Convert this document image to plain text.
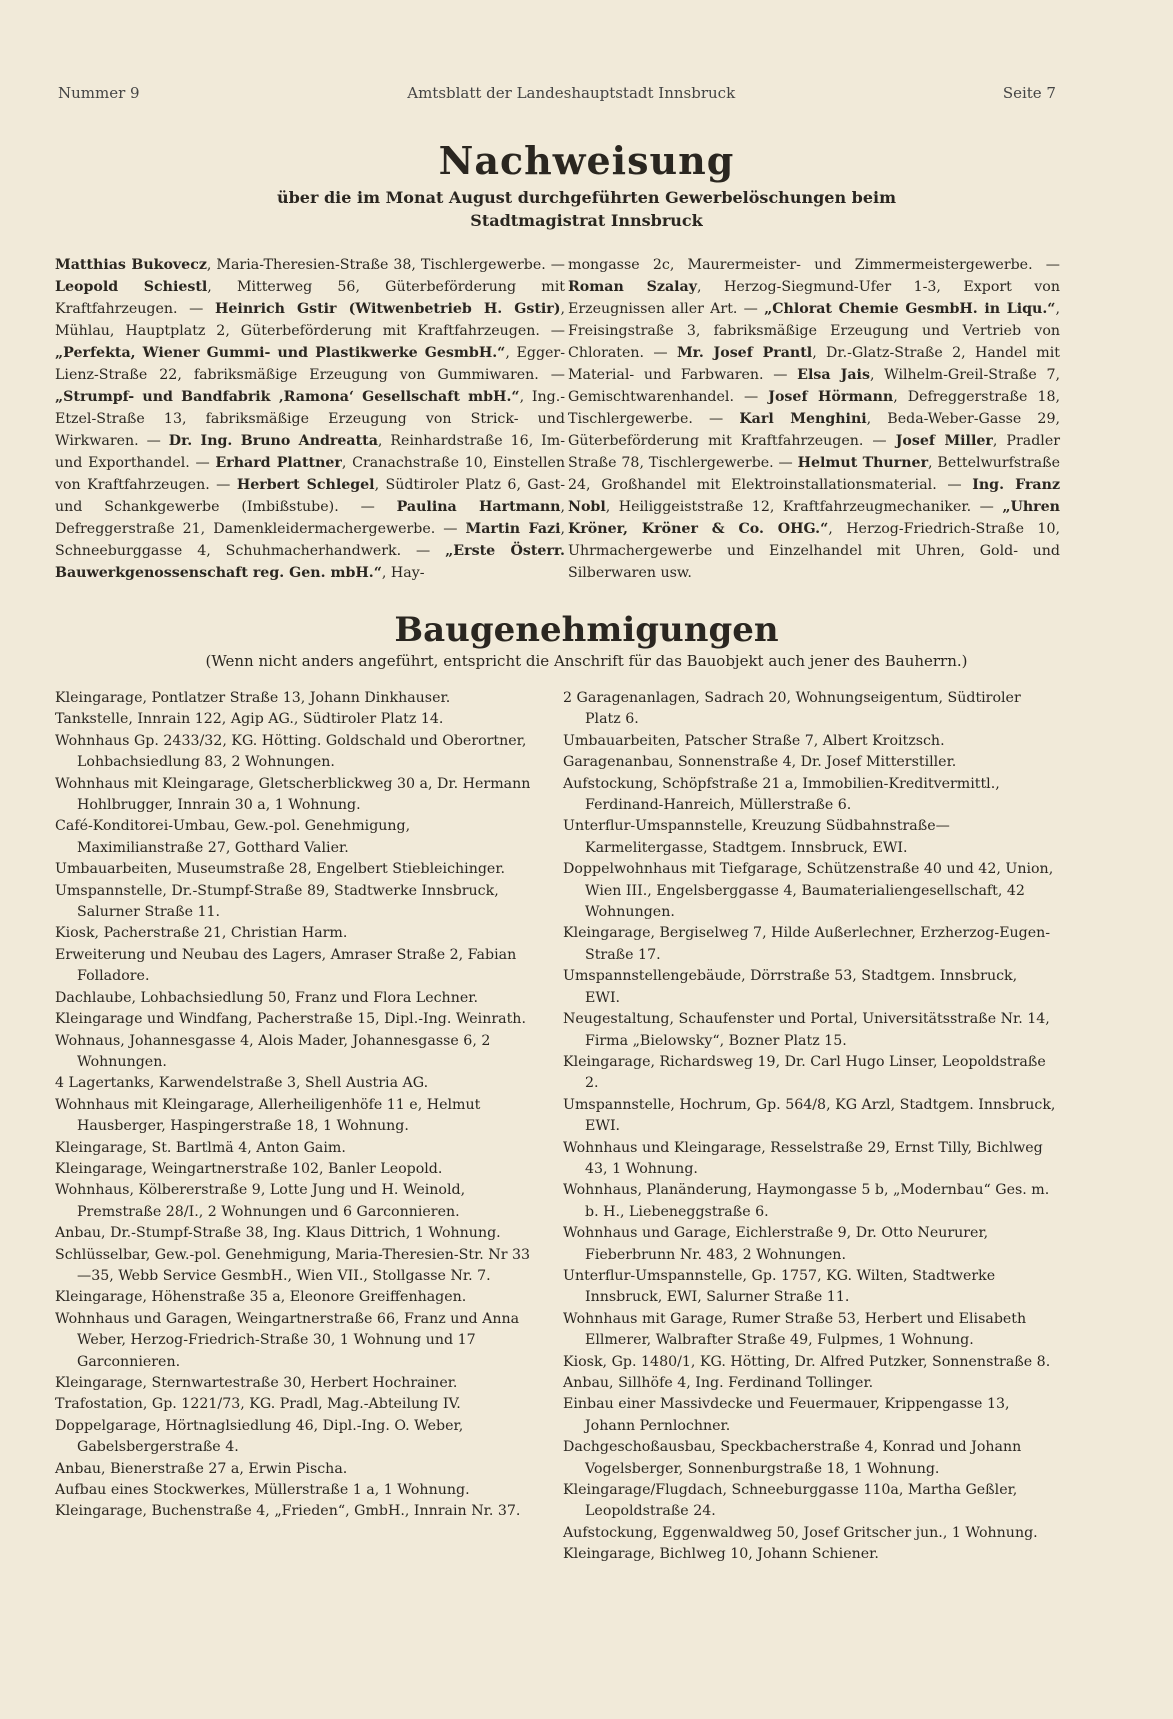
Nummer 9	Amtsblatt der Landeshauptstadt Innsbruck	Seite 7
Nachweisung
über die im Monat August durchgeführten Gewerbelöschungen beim
Stadtmagistrat Innsbruck
Matthias Bukovecz, Maria-Theresien-Straße 38, Tischlergewerbe. — Leopold Schiestl, Mitterweg 56, Güterbeförderung mit Kraftfahrzeugen. — Heinrich Gstir (Witwenbetrieb H. Gstir), Mühlau, Hauptplatz 2, Güterbeförderung mit Kraftfahrzeugen. — „Perfekta, Wiener Gummi- und Plastikwerke GesmbH.“, Egger-Lienz-Straße 22, fabriksmäßige Erzeugung von Gummiwaren. — „Strumpf- und Bandfabrik ‚Ramona‘ Gesellschaft mbH.“, Ing.-Etzel-Straße 13, fabriksmäßige Erzeugung von Strick- und Wirkwaren. — Dr. Ing. Bruno Andreatta, Reinhardstraße 16, Im- und Exporthandel. — Erhard Plattner, Cranachstraße 10, Einstellen von Kraftfahrzeugen. — Herbert Schlegel, Südtiroler Platz 6, Gast- und Schankgewerbe (Imbißstube). — Paulina Hartmann, Defreggerstraße 21, Damenkleidermachergewerbe. — Martin Fazi, Schneeburggasse 4, Schuhmacherhandwerk. — „Erste Österr. Bauwerkgenossenschaft reg. Gen. mbH.“, Hay-
mongasse 2c, Maurermeister- und Zimmermeistergewerbe. — Roman Szalay, Herzog-Siegmund-Ufer 1-3, Export von Erzeugnissen aller Art. — „Chlorat Chemie GesmbH. in Liqu.“, Freisingstraße 3, fabriksmäßige Erzeugung und Vertrieb von Chloraten. — Mr. Josef Prantl, Dr.-Glatz-Straße 2, Handel mit Material- und Farbwaren. — Elsa Jais, Wilhelm-Greil-Straße 7, Gemischtwarenhandel. — Josef Hörmann, Defreggerstraße 18, Tischlergewerbe. — Karl Menghini, Beda-Weber-Gasse 29, Güterbeförderung mit Kraftfahrzeugen. — Josef Miller, Pradler Straße 78, Tischlergewerbe. — Helmut Thurner, Bettelwurfstraße 24, Großhandel mit Elektroinstallationsmaterial. — Ing. Franz Nobl, Heiliggeiststraße 12, Kraftfahrzeugmechaniker. — „Uhren Kröner, Kröner & Co. OHG.“, Herzog-Friedrich-Straße 10, Uhrmachergewerbe und Einzelhandel mit Uhren, Gold- und Silberwaren usw.
Baugenehmigungen
(Wenn nicht anders angeführt, entspricht die Anschrift für das Bauobjekt auch jener des Bauherrn.)
Kleingarage, Pontlatzer Straße 13, Johann Dinkhauser.
Tankstelle, Innrain 122, Agip AG., Südtiroler Platz 14.
Wohnhaus Gp. 2433/32, KG. Hötting. Goldschald und Oberortner, Lohbachsiedlung 83, 2 Wohnungen.
Wohnhaus mit Kleingarage, Gletscherblickweg 30 a, Dr. Hermann Hohlbrugger, Innrain 30 a, 1 Wohnung.
Café-Konditorei-Umbau, Gew.-pol. Genehmigung, Maximilianstraße 27, Gotthard Valier.
Umbauarbeiten, Museumstraße 28, Engelbert Stiebleichinger.
Umspannstelle, Dr.-Stumpf-Straße 89, Stadtwerke Innsbruck, Salurner Straße 11.
Kiosk, Pacherstraße 21, Christian Harm.
Erweiterung und Neubau des Lagers, Amraser Straße 2, Fabian Folladore.
Dachlaube, Lohbachsiedlung 50, Franz und Flora Lechner.
Kleingarage und Windfang, Pacherstraße 15, Dipl.-Ing. Weinrath.
Wohnaus, Johannesgasse 4, Alois Mader, Johannesgasse 6, 2 Wohnungen.
4 Lagertanks, Karwendelstraße 3, Shell Austria AG.
Wohnhaus mit Kleingarage, Allerheiligenhöfe 11 e, Helmut Hausberger, Haspingerstraße 18, 1 Wohnung.
Kleingarage, St. Bartlmä 4, Anton Gaim.
Kleingarage, Weingartnerstraße 102, Banler Leopold.
Wohnhaus, Kölbererstraße 9, Lotte Jung und H. Weinold, Premstraße 28/I., 2 Wohnungen und 6 Garconnieren.
Anbau, Dr.-Stumpf-Straße 38, Ing. Klaus Dittrich, 1 Wohnung.
Schlüsselbar, Gew.-pol. Genehmigung, Maria-Theresien-Str. Nr 33—35, Webb Service GesmbH., Wien VII., Stollgasse Nr. 7.
Kleingarage, Höhenstraße 35 a, Eleonore Greiffenhagen.
Wohnhaus und Garagen, Weingartnerstraße 66, Franz und Anna Weber, Herzog-Friedrich-Straße 30, 1 Wohnung und 17 Garconnieren.
Kleingarage, Sternwartestraße 30, Herbert Hochrainer.
Trafostation, Gp. 1221/73, KG. Pradl, Mag.-Abteilung IV.
Doppelgarage, Hörtnaglsiedlung 46, Dipl.-Ing. O. Weber, Gabelsbergerstraße 4.
Anbau, Bienerstraße 27 a, Erwin Pischa.
Aufbau eines Stockwerkes, Müllerstraße 1 a, 1 Wohnung.
Kleingarage, Buchenstraße 4, „Frieden“, GmbH., Innrain Nr. 37.
2 Garagenanlagen, Sadrach 20, Wohnungseigentum, Südtiroler Platz 6.
Umbauarbeiten, Patscher Straße 7, Albert Kroitzsch.
Garagenanbau, Sonnenstraße 4, Dr. Josef Mitterstiller.
Aufstockung, Schöpfstraße 21 a, Immobilien-Kreditvermittl., Ferdinand-Hanreich, Müllerstraße 6.
Unterflur-Umspannstelle, Kreuzung Südbahnstraße—Karmelitergasse, Stadtgem. Innsbruck, EWI.
Doppelwohnhaus mit Tiefgarage, Schützenstraße 40 und 42, Union, Wien III., Engelsberggasse 4, Baumaterialiengesellschaft, 42 Wohnungen.
Kleingarage, Bergiselweg 7, Hilde Außerlechner, Erzherzog-Eugen-Straße 17.
Umspannstellengebäude, Dörrstraße 53, Stadtgem. Innsbruck, EWI.
Neugestaltung, Schaufenster und Portal, Universitätsstraße Nr. 14, Firma „Bielowsky“, Bozner Platz 15.
Kleingarage, Richardsweg 19, Dr. Carl Hugo Linser, Leopoldstraße 2.
Umspannstelle, Hochrum, Gp. 564/8, KG Arzl, Stadtgem. Innsbruck, EWI.
Wohnhaus und Kleingarage, Resselstraße 29, Ernst Tilly, Bichlweg 43, 1 Wohnung.
Wohnhaus, Planänderung, Haymongasse 5 b, „Modernbau“ Ges. m. b. H., Liebeneggstraße 6.
Wohnhaus und Garage, Eichlerstraße 9, Dr. Otto Neururer, Fieberbrunn Nr. 483, 2 Wohnungen.
Unterflur-Umspannstelle, Gp. 1757, KG. Wilten, Stadtwerke Innsbruck, EWI, Salurner Straße 11.
Wohnhaus mit Garage, Rumer Straße 53, Herbert und Elisabeth Ellmerer, Walbrafter Straße 49, Fulpmes, 1 Wohnung.
Kiosk, Gp. 1480/1, KG. Hötting, Dr. Alfred Putzker, Sonnenstraße 8.
Anbau, Sillhöfe 4, Ing. Ferdinand Tollinger.
Einbau einer Massivdecke und Feuermauer, Krippengasse 13, Johann Pernlochner.
Dachgeschoßausbau, Speckbacherstraße 4, Konrad und Johann Vogelsberger, Sonnenburgstraße 18, 1 Wohnung.
Kleingarage/Flugdach, Schneeburggasse 110a, Martha Geßler, Leopoldstraße 24.
Aufstockung, Eggenwaldweg 50, Josef Gritscher jun., 1 Wohnung.
Kleingarage, Bichlweg 10, Johann Schiener.
